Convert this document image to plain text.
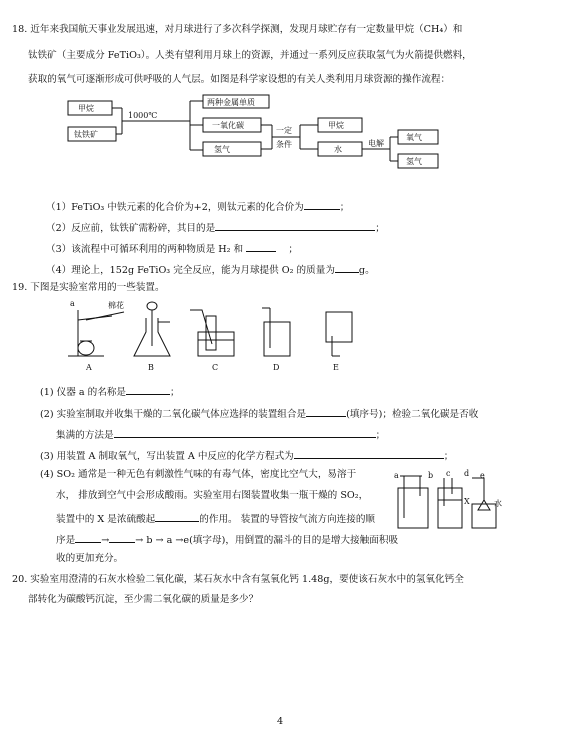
18. 近年来我国航天事业发展迅速，对月球进行了多次科学探测，发现月球贮存有一定数量甲烷（CH₄）和
钛铁矿（主要成分 FeTiO₃）。人类有望利用月球上的资源，并通过一系列反应获取氢气为火箭提供燃料，
获取的氧气可逐渐形成可供呼吸的人气层。如图是科学家设想的有关人类利用月球资源的操作流程：
甲烷
钛铁矿
1000℃
两种金属单质
一氧化碳
氢气
一定
条件
甲烷
水
电解
氧气
氢气
（1）FeTiO₃ 中铁元素的化合价为+2，则钛元素的化合价为	；
（2）反应前，钛铁矿需粉碎，其目的是	；
（3）该流程中可循环利用的两种物质是 H₂ 和	；
（4）理论上，152g FeTiO₃ 完全反应，能为月球提供 O₂ 的质量为	g。
19. 下图是实验室常用的一些装置。
a	棉花
A	B	C	D	E
(1) 仪器 a 的名称是	；
(2) 实验室制取并收集干燥的二氧化碳气体应选择的装置组合是	(填序号)；检验二氧化碳是否收
集满的方法是	；
(3) 用装置 A 制取氧气，写出装置 A 中反应的化学方程式为	；
(4) SO₂ 通常是一种无色有刺激性气味的有毒气体，密度比空气大，易溶于
水， 排放到空气中会形成酸雨。实验室用右图装置收集一瓶干燥的 SO₂，
装置中的 X 是浓硫酸起	的作用。 装置的导管按气流方向连接的顺
序是	→	→ b → a →e(填字母)，用倒置的漏斗的目的是增大接触面积吸
收的更加充分。
a	b c d e
X	水
20. 实验室用澄清的石灰水检验二氧化碳，某石灰水中含有氢氧化钙 1.48g，要使该石灰水中的氢氧化钙全
部转化为碳酸钙沉淀，至少需二氧化碳的质量是多少？
4
